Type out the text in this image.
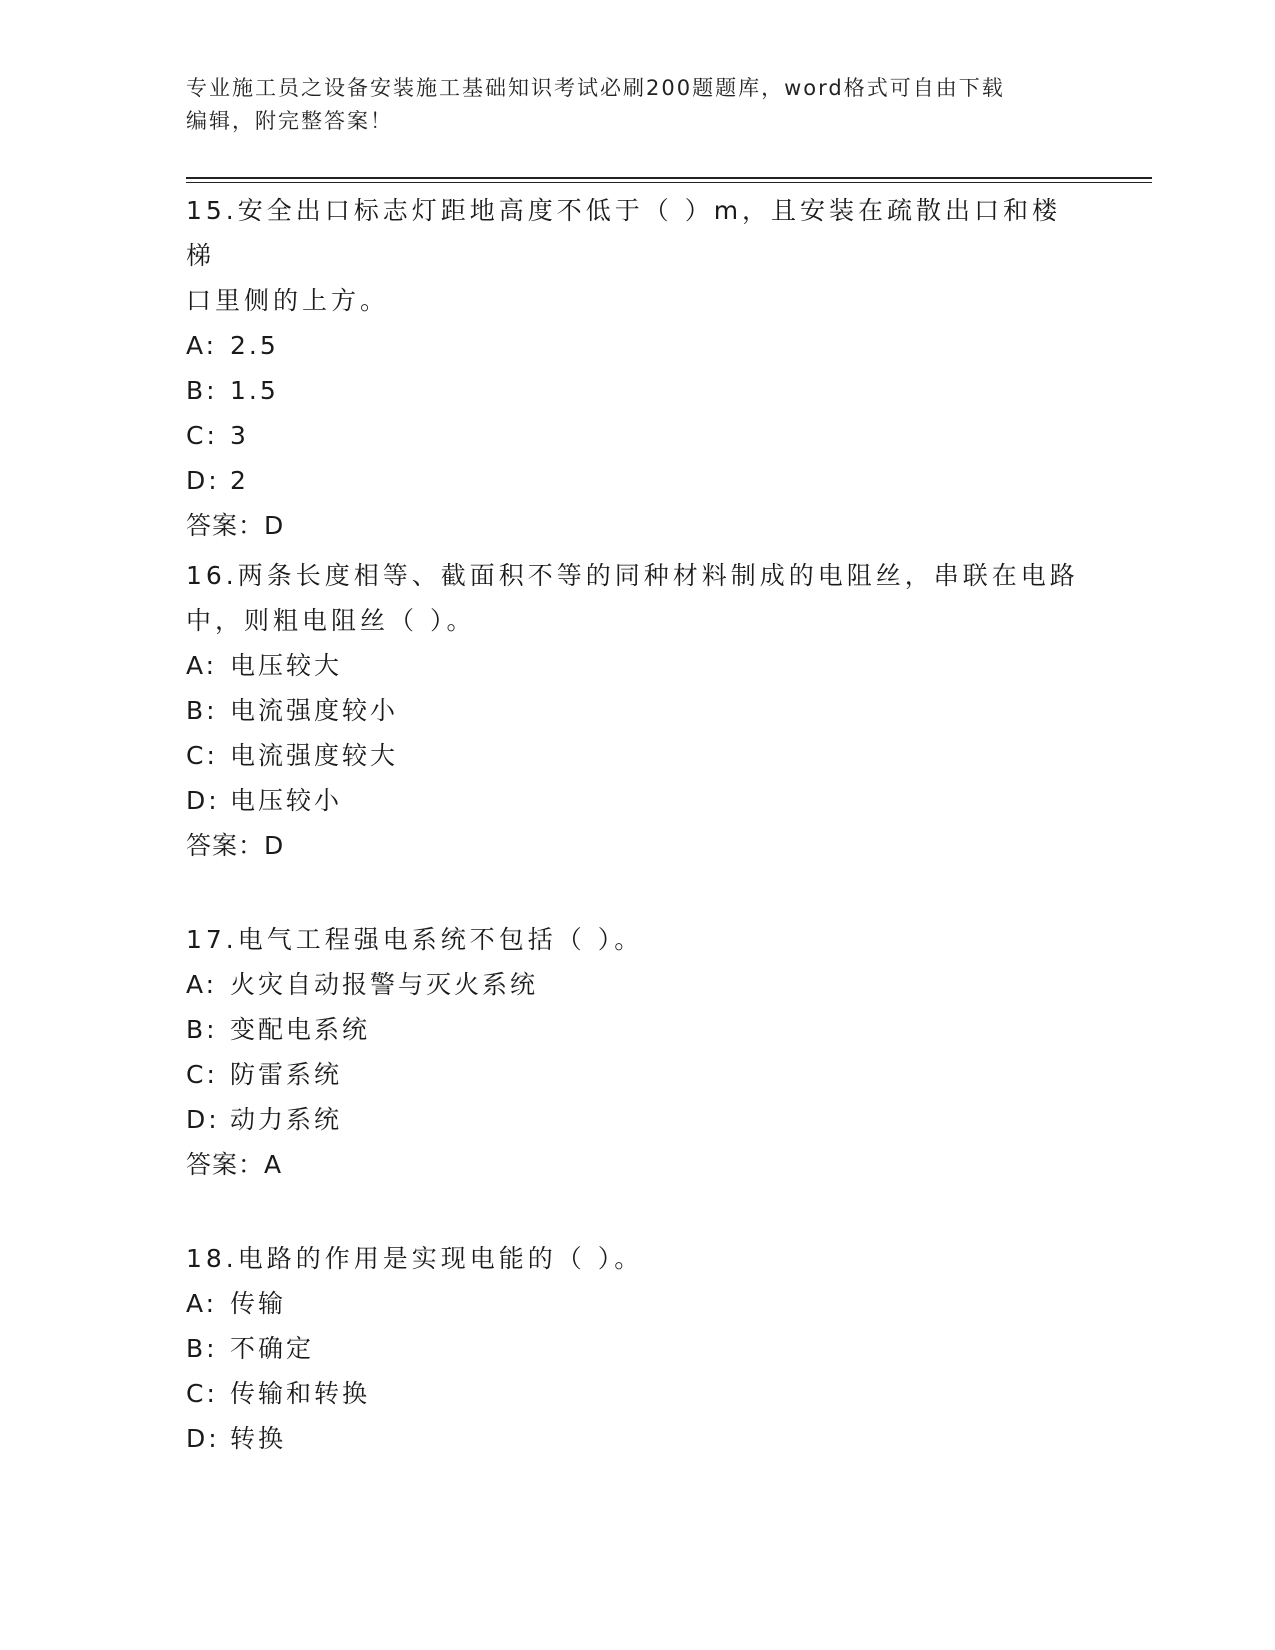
专业施工员之设备安装施工基础知识考试必刷200题题库，word格式可自由下载
编辑，附完整答案！

15.安全出口标志灯距地高度不低于（ ）m，且安装在疏散出口和楼梯

口里侧的上方。

A: 2.5

B: 1.5

C: 3

D: 2

答案：D

16.两条长度相等、截面积不等的同种材料制成的电阻丝，串联在电路

中，则粗电阻丝（ ）。

A: 电压较大

B: 电流强度较小

C: 电流强度较大

D: 电压较小

答案：D

17.电气工程强电系统不包括（ ）。

A: 火灾自动报警与灭火系统

B: 变配电系统

C: 防雷系统

D: 动力系统

答案：A

18.电路的作用是实现电能的（ ）。

A: 传输

B: 不确定

C: 传输和转换

D: 转换
